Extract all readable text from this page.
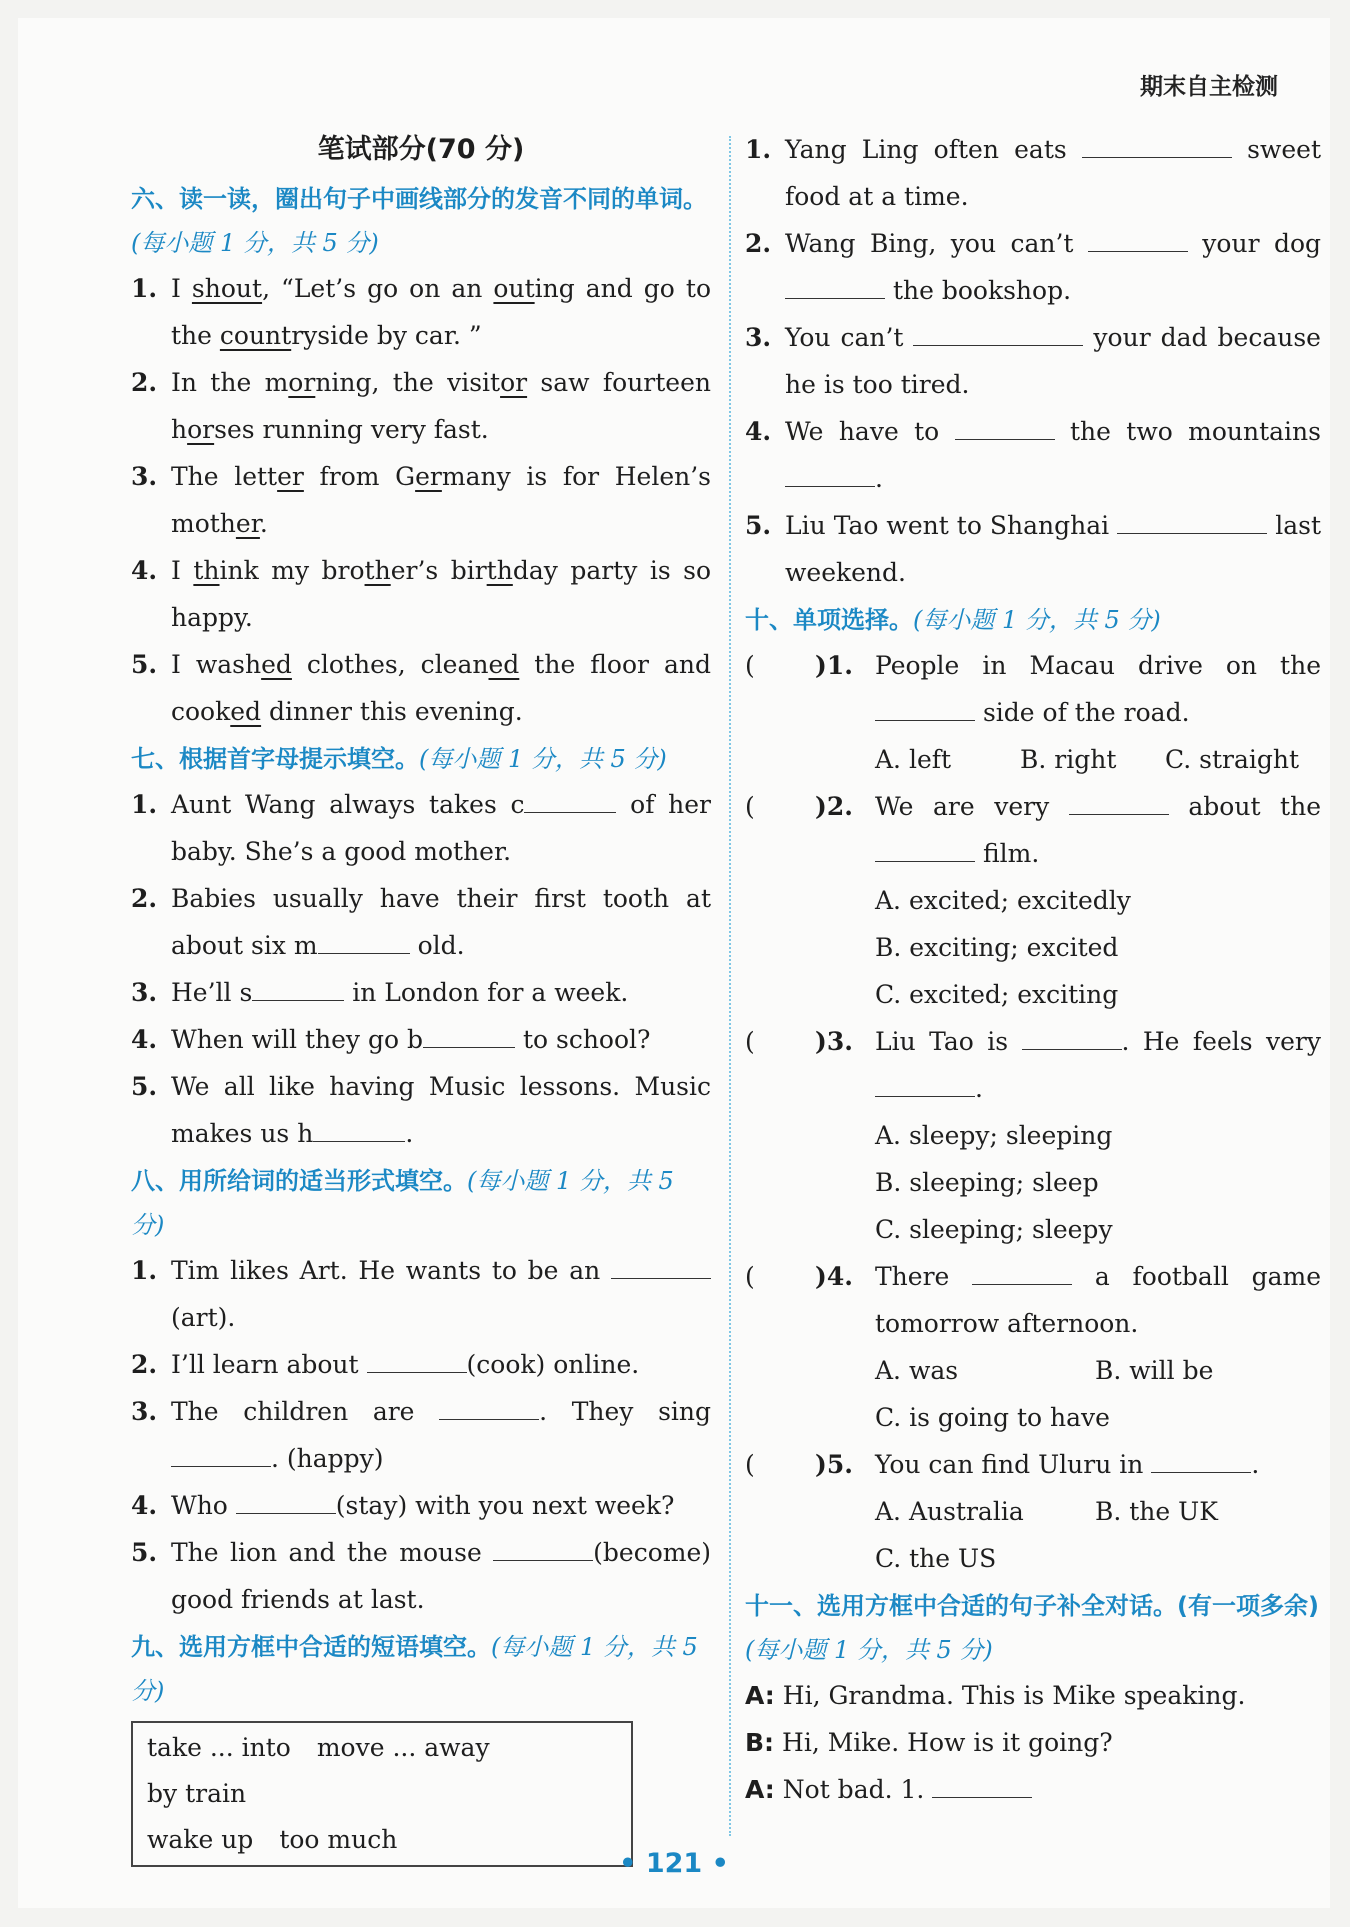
期末自主检测
笔试部分(70 分)
六、读一读，圈出句子中画线部分的发音不同的单词。(每小题 1 分，共 5 分)
1. I shout, “Let’s go on an outing and go to the countryside by car. ”
2. In the morning, the visitor saw fourteen horses running very fast.
3. The letter from Germany is for Helen’s mother.
4. I think my brother’s birthday party is so happy.
5. I washed clothes, cleaned the floor and cooked dinner this evening.
七、根据首字母提示填空。(每小题 1 分，共 5 分)
1. Aunt Wang always takes c	of her baby. She’s a good mother.
2. Babies usually have their first tooth at about six m	old.
3. He’ll s	in London for a week.
4. When will they go b	to school?
5. We all like having Music lessons. Music makes us h	.
八、用所给词的适当形式填空。(每小题 1 分，共 5 分)
1. Tim likes Art. He wants to be an  (art).
2. I’ll learn about	(cook) online.
3. The children are	. They sing . (happy)
4. Who	(stay) with you next week?
5. The lion and the mouse	(become) good friends at last.
九、选用方框中合适的短语填空。(每小题 1 分，共 5 分)
take ... into move ... awayby train
wake up too much
1. Yang Ling often eats	sweet food at a time.
2. Wang Bing, you can’t	your dog  the bookshop.
3. You can’t	your dad because he is too tired.
4. We have to	the two mountains .
5. Liu Tao went to Shanghai	last weekend.
十、单项选择。(每小题 1 分，共 5 分)
( )1. People in Macau drive on the  side of the road.
A. left	B. right C. straight
( )2. We are very	about the  film.
A. excited; excitedly
B. exciting; excited
C. excited; exciting
( )3. Liu Tao is	. He feels very .
A. sleepy; sleeping
B. sleeping; sleep
C. sleeping; sleepy
( )4. There	a football game tomorrow afternoon.
A. was	B. will be
C. is going to have
( )5. You can find Uluru in	.
A. Australia	B. the UK
C. the US
十一、选用方框中合适的句子补全对话。(有一项多余)(每小题 1 分，共 5 分)
A: Hi, Grandma. This is Mike speaking.
B: Hi, Mike. How is it going?
A: Not bad. 1.
• 121 •
